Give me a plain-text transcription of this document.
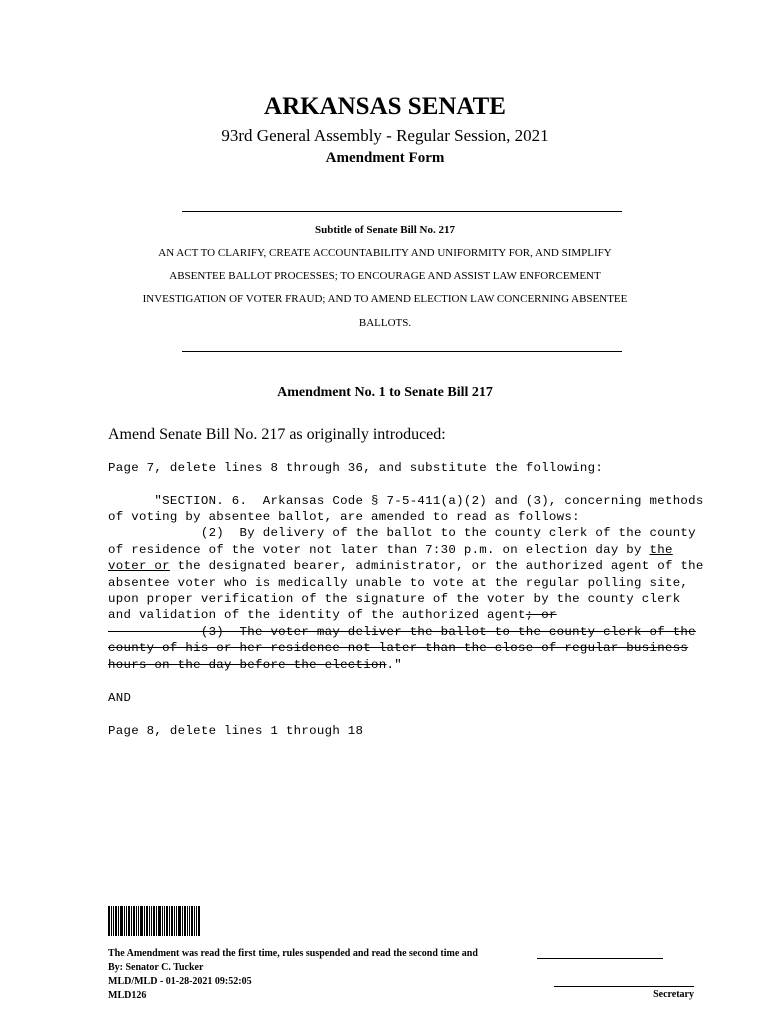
ARKANSAS SENATE
93rd General Assembly - Regular Session, 2021
Amendment Form
Subtitle of Senate Bill No. 217
AN ACT TO CLARIFY, CREATE ACCOUNTABILITY AND UNIFORMITY FOR, AND SIMPLIFY
ABSENTEE BALLOT PROCESSES; TO ENCOURAGE AND ASSIST LAW ENFORCEMENT
INVESTIGATION OF VOTER FRAUD; AND TO AMEND ELECTION LAW CONCERNING ABSENTEE
BALLOTS.
Amendment No. 1 to Senate Bill 217
Amend Senate Bill No. 217 as originally introduced:
Page 7, delete lines 8 through 36, and substitute the following:
"SECTION. 6.  Arkansas Code § 7-5-411(a)(2) and (3), concerning methods
of voting by absentee ballot, are amended to read as follows:
(2)  By delivery of the ballot to the county clerk of the county
of residence of the voter not later than 7:30 p.m. on election day by the
voter or the designated bearer, administrator, or the authorized agent of the
absentee voter who is medically unable to vote at the regular polling site,
upon proper verification of the signature of the voter by the county clerk
and validation of the identity of the authorized agent; or
(3)  The voter may deliver the ballot to the county clerk of the
county of his or her residence not later than the close of regular business
hours on the day before the election."
AND
Page 8, delete lines 1 through 18
The Amendment was read the first time, rules suspended and read the second time and
By: Senator C. Tucker
MLD/MLD - 01-28-2021 09:52:05
MLD126	Secretary
